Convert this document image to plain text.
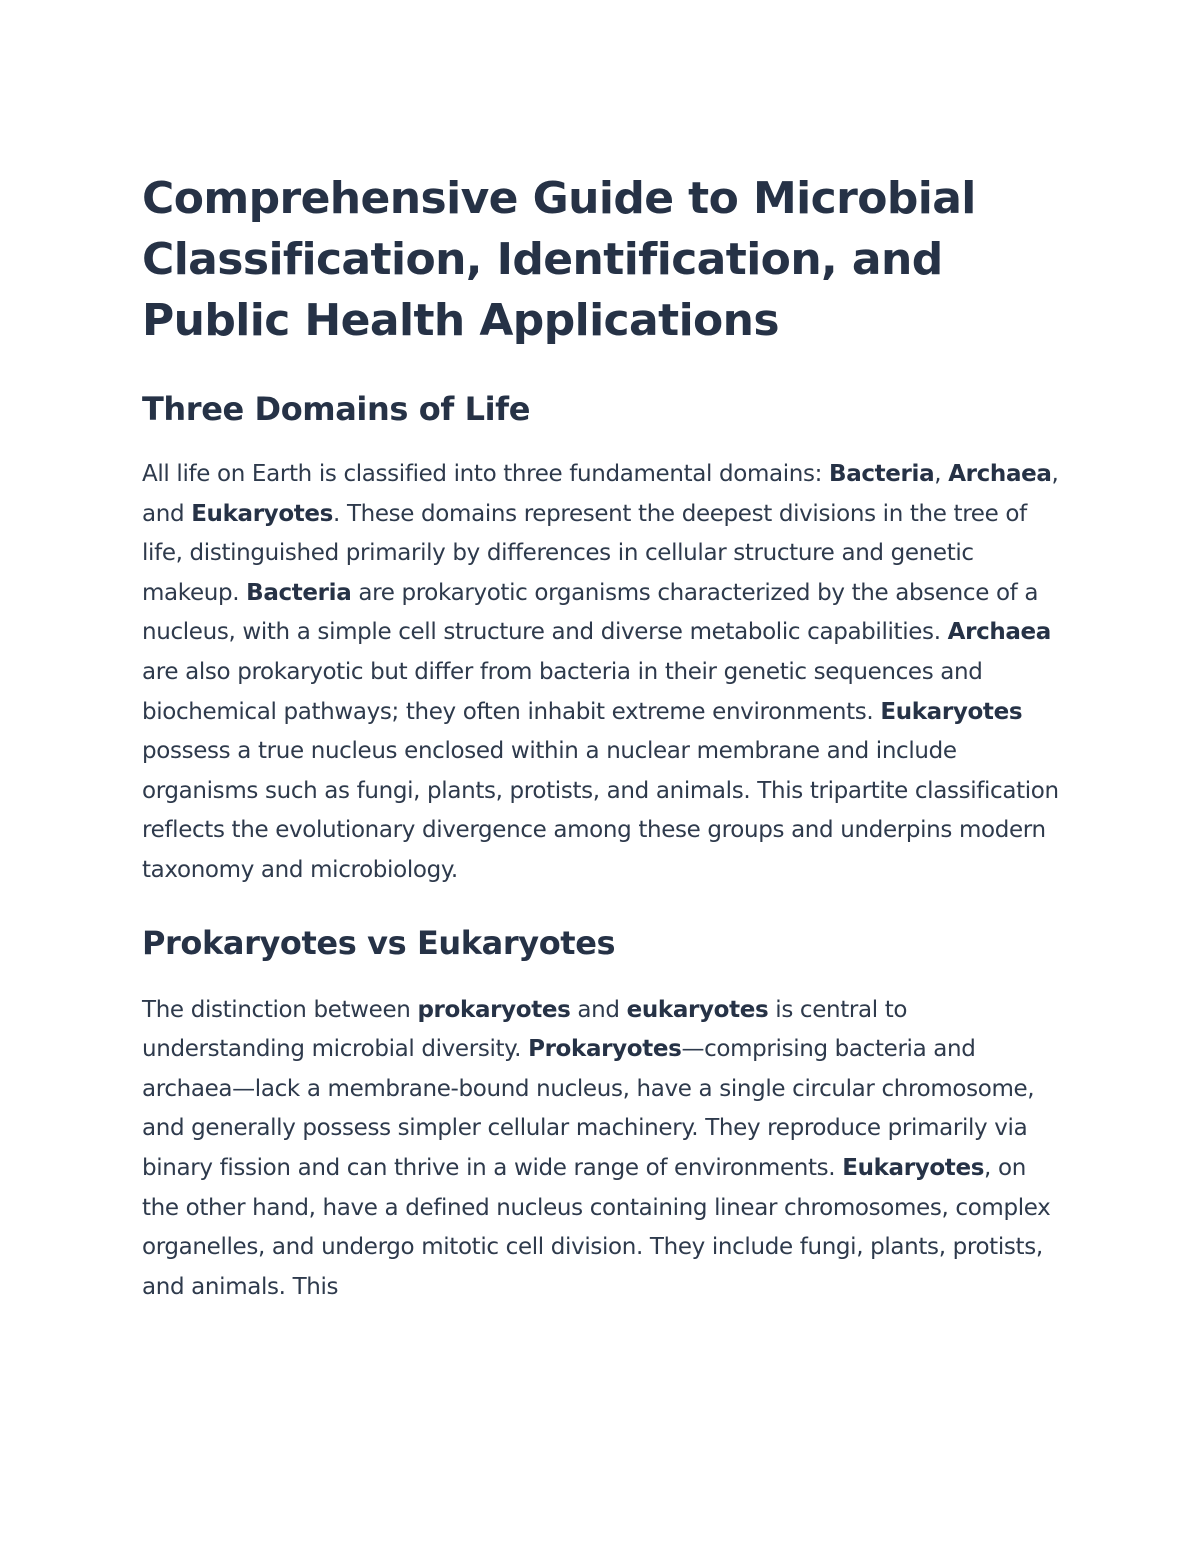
Comprehensive Guide to Microbial Classification, Identification, and Public Health Applications
Three Domains of Life

All life on Earth is classified into three fundamental domains: Bacteria, Archaea, and Eukaryotes. These domains represent the deepest divisions in the tree of life, distinguished primarily by differences in cellular structure and genetic makeup. Bacteria are prokaryotic organisms characterized by the absence of a nucleus, with a simple cell structure and diverse metabolic capabilities. Archaea are also prokaryotic but differ from bacteria in their genetic sequences and biochemical pathways; they often inhabit extreme environments. Eukaryotes possess a true nucleus enclosed within a nuclear membrane and include organisms such as fungi, plants, protists, and animals. This tripartite classification reflects the evolutionary divergence among these groups and underpins modern taxonomy and microbiology.

Prokaryotes vs Eukaryotes

The distinction between prokaryotes and eukaryotes is central to understanding microbial diversity. Prokaryotes—comprising bacteria and archaea—lack a membrane-bound nucleus, have a single circular chromosome, and generally possess simpler cellular machinery. They reproduce primarily via binary fission and can thrive in a wide range of environments. Eukaryotes, on the other hand, have a defined nucleus containing linear chromosomes, complex organelles, and undergo mitotic cell division. They include fungi, plants, protists, and animals. This
